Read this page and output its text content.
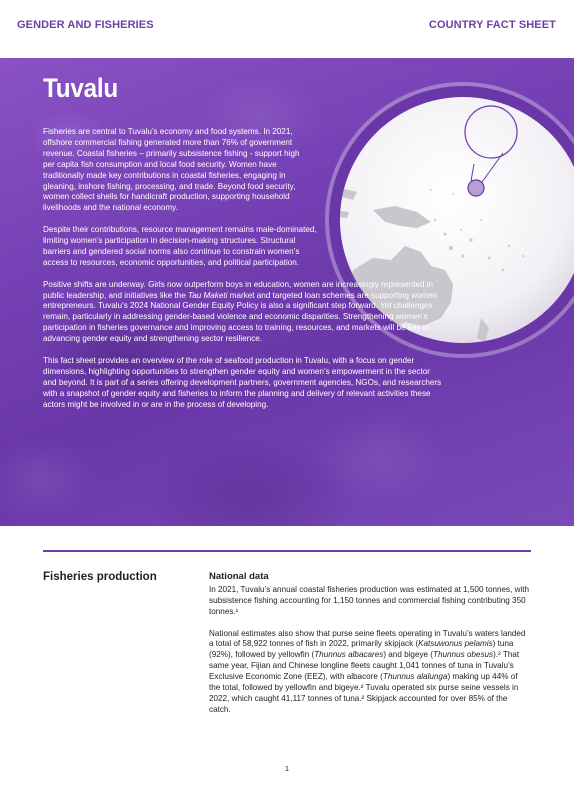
GENDER AND FISHERIES	COUNTRY FACT SHEET
Tuvalu

Fisheries are central to Tuvalu’s economy and food systems. In 2021, offshore commercial fishing generated more than 76% of government revenue. Coastal fisheries – primarily subsistence fishing - support high per capita fish consumption and local food security. Women have traditionally made key contributions in coastal fisheries, engaging in gleaning, inshore fishing, processing, and trade. Beyond food security, women collect shells for handicraft production, supporting household livelihoods and the national economy.

Despite their contributions, resource management remains male-dominated, limiting women’s participation in decision-making structures. Structural barriers and gendered social norms also continue to constrain women’s access to resources, economic opportunities, and political participation.

Positive shifts are underway. Girls now outperform boys in education, women are increasingly represented in public leadership, and initiatives like the Tau Maketi market and targeted loan schemes are supporting women entrepreneurs. Tuvalu’s 2024 National Gender Equity Policy is also a significant step forward. Yet challenges remain, particularly in addressing gender-based violence and economic disparities. Strengthening women’s participation in fisheries governance and improving access to training, resources, and markets will be key to advancing gender equity and strengthening sector resilience.

This fact sheet provides an overview of the role of seafood production in Tuvalu, with a focus on gender dimensions, highlighting opportunities to strengthen gender equity and women’s empowerment in the sector and beyond. It is part of a series offering development partners, government agencies, NGOs, and researchers with a snapshot of gender equity and fisheries to inform the planning and delivery of relevant activities these actors might be involved in or are in the process of developing.

Fisheries production	National data

In 2021, Tuvalu’s annual coastal fisheries production was estimated at 1,500 tonnes, with subsistence fishing accounting for 1,150 tonnes and commercial fishing contributing 350 tonnes.¹

National estimates also show that purse seine fleets operating in Tuvalu’s waters landed a total of 58,922 tonnes of fish in 2022, primarily skipjack (Katsuwonus pelamis) tuna (92%), followed by yellowfin (Thunnus albacares) and bigeye (Thunnus obesus).² That same year, Fijian and Chinese longline fleets caught 1,041 tonnes of tuna in Tuvalu’s Exclusive Economic Zone (EEZ), with albacore (Thunnus alalunga) making up 44% of the total, followed by yellowfin and bigeye.² Tuvalu operated six purse seine vessels in 2022, which caught 41,117 tonnes of tuna.² Skipjack accounted for over 85% of the catch.

1
